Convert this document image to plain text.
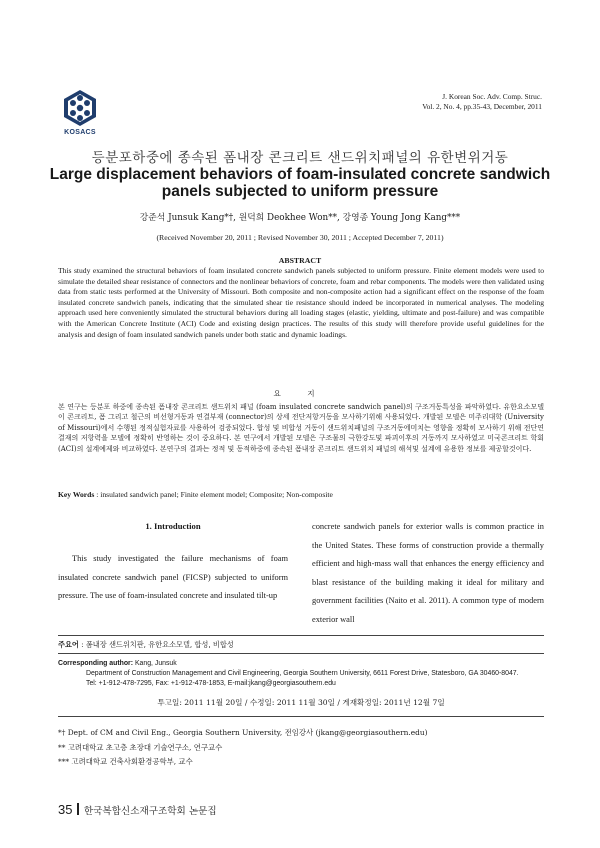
KOSACS
J. Korean Soc. Adv. Comp. Struc.
Vol. 2, No. 4, pp.35-43, December, 2011
등분포하중에 종속된 폼내장 콘크리트 샌드위치패널의 유한변위거동
Large displacement behaviors of foam-insulated concrete sandwich
panels subjected to uniform pressure
강준석 Junsuk Kang*†, 원덕희 Deokhee Won**, 강영종 Young Jong Kang***
(Received November 20, 2011 ; Revised November 30, 2011 ; Accepted December 7, 2011)
ABSTRACT
This study examined the structural behaviors of foam insulated concrete sandwich panels subjected to uniform pressure. Finite element models were used to simulate the detailed shear resistance of connectors and the nonlinear behaviors of concrete, foam and rebar components. The models were then validated using data from static tests performed at the University of Missouri. Both composite and non-composite action had a significant effect on the response of the foam insulated concrete sandwich panels, indicating that the simulated shear tie resistance should indeed be incorporated in numerical analyses. The modeling approach used here conveniently simulated the structural behaviors during all loading stages (elastic, yielding, ultimate and post-failure) and was compatible with the American Concrete Institute (ACI) Code and existing design practices. The results of this study will therefore provide useful guidelines for the analysis and design of foam insulated sandwich panels under both static and dynamic loadings.
요 지
본 연구는 등분포 하중에 종속된 폼내장 콘크리트 샌드위치 패널 (foam insulated concrete sandwich panel)의 구조거동특성을 파악하였다. 유한요소모델이 콘크리트, 폼 그리고 철근의 비선형거동과 연결부재 (connector)의 상세 전단저항거동을 모사하기위해 사용되었다. 개발된 모델은 미주리대학 (University of Missouri)에서 수행된 정적실험자료를 사용하여 검증되었다. 합성 및 비합성 거동이 샌드위치패널의 구조거동에미치는 영향을 정확히 모사하기 위해 전단연결재의 저항력을 모델에 정확히 반영하는 것이 중요하다. 본 연구에서 개발된 모델은 구조물의 극한강도및 파괴이후의 거동까지 모사하였고 미국콘크리트 학회 (ACI)의 설계예제와 비교하였다. 본연구의 결과는 정적 및 동적하중에 종속된 폼내장 콘크리트 샌드위치 패널의 해석및 설계에 유용한 정보를 제공할것이다.
Key Words : insulated sandwich panel; Finite element model; Composite; Non-composite
1. Introduction

This study investigated the failure mechanisms of foam insulated concrete sandwich panel (FICSP) subjected to uniform pressure. The use of foam-insulated concrete and insulated tilt-up

concrete sandwich panels for exterior walls is common practice in the United States. These forms of construction provide a thermally efficient and high-mass wall that enhances the energy efficiency and blast resistance of the building making it ideal for military and government facilities (Naito et al. 2011). A common type of modern exterior wall

주요어 : 폼내장 샌드위치판, 유한요소모델, 합성, 비합성
Corresponding author: Kang, Junsuk
Department of Construction Management and Civil Engineering, Georgia Southern University, 6611 Forest Drive, Statesboro, GA 30460-8047.
Tel: +1-912-478-7295, Fax: +1-912-478-1853, E-mail:jkang@georgiasouthern.edu
투고일: 2011 11월 20일 / 수정일: 2011 11월 30일 / 게재확정일: 2011년 12월 7일
*† Dept. of CM and Civil Eng., Georgia Southern University, 전임강사 (jkang@georgiasouthern.edu)
** 고려대학교 초고층 초장대 기술연구소, 연구교수
*** 고려대학교 건축사회환경공학부, 교수
35 한국복합신소재구조학회 논문집
